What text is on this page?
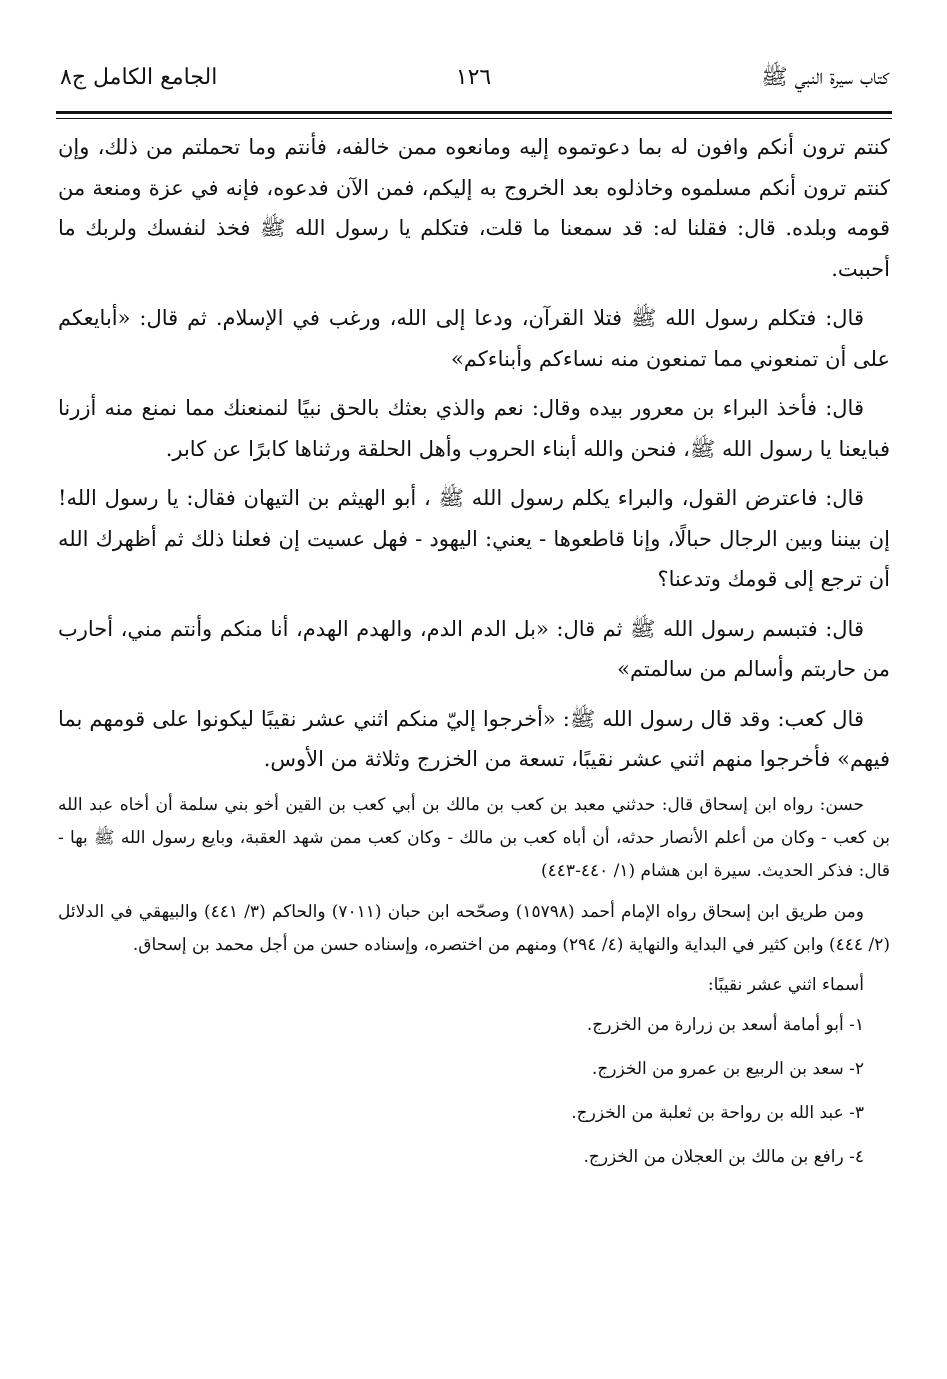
كتاب سيرة النبي ﷺ
١٢٦
الجامع الكامل ج٨

كنتم ترون أنكم وافون له بما دعوتموه إليه ومانعوه ممن خالفه، فأنتم وما تحملتم من ذلك، وإن كنتم ترون أنكم مسلموه وخاذلوه بعد الخروج به إليكم، فمن الآن فدعوه، فإنه في عزة ومنعة من قومه وبلده. قال: فقلنا له: قد سمعنا ما قلت، فتكلم يا رسول الله ﷺ فخذ لنفسك ولربك ما أحببت.

قال: فتكلم رسول الله ﷺ فتلا القرآن، ودعا إلى الله، ورغب في الإسلام. ثم قال: «أبايعكم على أن تمنعوني مما تمنعون منه نساءكم وأبناءكم»

قال: فأخذ البراء بن معرور بيده وقال: نعم والذي بعثك بالحق نبيًا لنمنعنك مما نمنع منه أزرنا فبايعنا يا رسول الله ﷺ، فنحن والله أبناء الحروب وأهل الحلقة ورثناها كابرًا عن كابر.

قال: فاعترض القول، والبراء يكلم رسول الله ﷺ ، أبو الهيثم بن التيهان فقال: يا رسول الله! إن بيننا وبين الرجال حبالًا، وإنا قاطعوها - يعني: اليهود - فهل عسيت إن فعلنا ذلك ثم أظهرك الله أن ترجع إلى قومك وتدعنا؟

قال: فتبسم رسول الله ﷺ ثم قال: «بل الدم الدم، والهدم الهدم، أنا منكم وأنتم مني، أحارب من حاربتم وأسالم من سالمتم»

قال كعب: وقد قال رسول الله ﷺ: «أخرجوا إليّ منكم اثني عشر نقيبًا ليكونوا على قومهم بما فيهم» فأخرجوا منهم اثني عشر نقيبًا، تسعة من الخزرج وثلاثة من الأوس.

حسن: رواه ابن إسحاق قال: حدثني معبد بن كعب بن مالك بن أبي كعب بن القين أخو بني سلمة أن أخاه عبد الله بن كعب - وكان من أعلم الأنصار حدثه، أن أباه كعب بن مالك - وكان كعب ممن شهد العقبة، وبايع رسول الله ﷺ بها - قال: فذكر الحديث. سيرة ابن هشام (١/ ٤٤٠-٤٤٣)

ومن طريق ابن إسحاق رواه الإمام أحمد (١٥٧٩٨) وصحّحه ابن حبان (٧٠١١) والحاكم (٣/ ٤٤١) والبيهقي في الدلائل (٢/ ٤٤٤) وابن كثير في البداية والنهاية (٤/ ٢٩٤) ومنهم من اختصره، وإسناده حسن من أجل محمد بن إسحاق.

أسماء اثني عشر نقيبًا:
١- أبو أمامة أسعد بن زرارة من الخزرج.
٢- سعد بن الربيع بن عمرو من الخزرج.
٣- عبد الله بن رواحة بن ثعلبة من الخزرج.
٤- رافع بن مالك بن العجلان من الخزرج.
